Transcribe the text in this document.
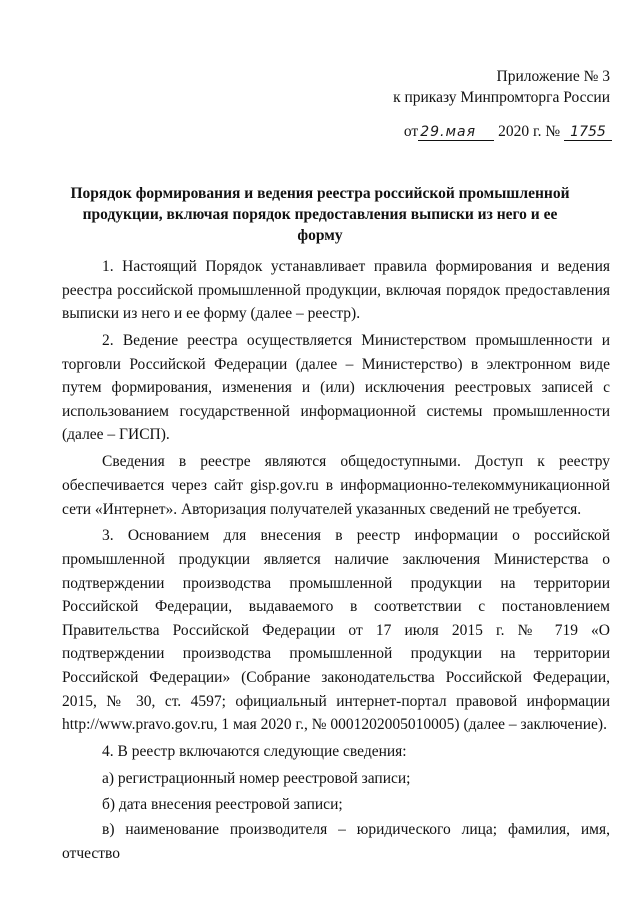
Приложение № 3
к приказу Минпромторга России
от 29.мая 2020 г. № 1755
Порядок формирования и ведения реестра российской промышленной продукции, включая порядок предоставления выписки из него и ее форму

1. Настоящий Порядок устанавливает правила формирования и ведения реестра российской промышленной продукции, включая порядок предоставления выписки из него и ее форму (далее – реестр).

2. Ведение реестра осуществляется Министерством промышленности и торговли Российской Федерации (далее – Министерство) в электронном виде путем формирования, изменения и (или) исключения реестровых записей с использованием государственной информационной системы промышленности (далее – ГИСП).

Сведения в реестре являются общедоступными. Доступ к реестру обеспечивается через сайт gisp.gov.ru в информационно-телекоммуникационной сети «Интернет». Авторизация получателей указанных сведений не требуется.

3. Основанием для внесения в реестр информации о российской промышленной продукции является наличие заключения Министерства о подтверждении производства промышленной продукции на территории Российской Федерации, выдаваемого в соответствии с постановлением Правительства Российской Федерации от 17 июля 2015 г. № 719 «О подтверждении производства промышленной продукции на территории Российской Федерации» (Собрание законодательства Российской Федерации, 2015, № 30, ст. 4597; официальный интернет-портал правовой информации http://www.pravo.gov.ru, 1 мая 2020 г., № 0001202005010005) (далее – заключение).

4. В реестр включаются следующие сведения:

а) регистрационный номер реестровой записи;

б) дата внесения реестровой записи;

в) наименование производителя – юридического лица; фамилия, имя, отчество
